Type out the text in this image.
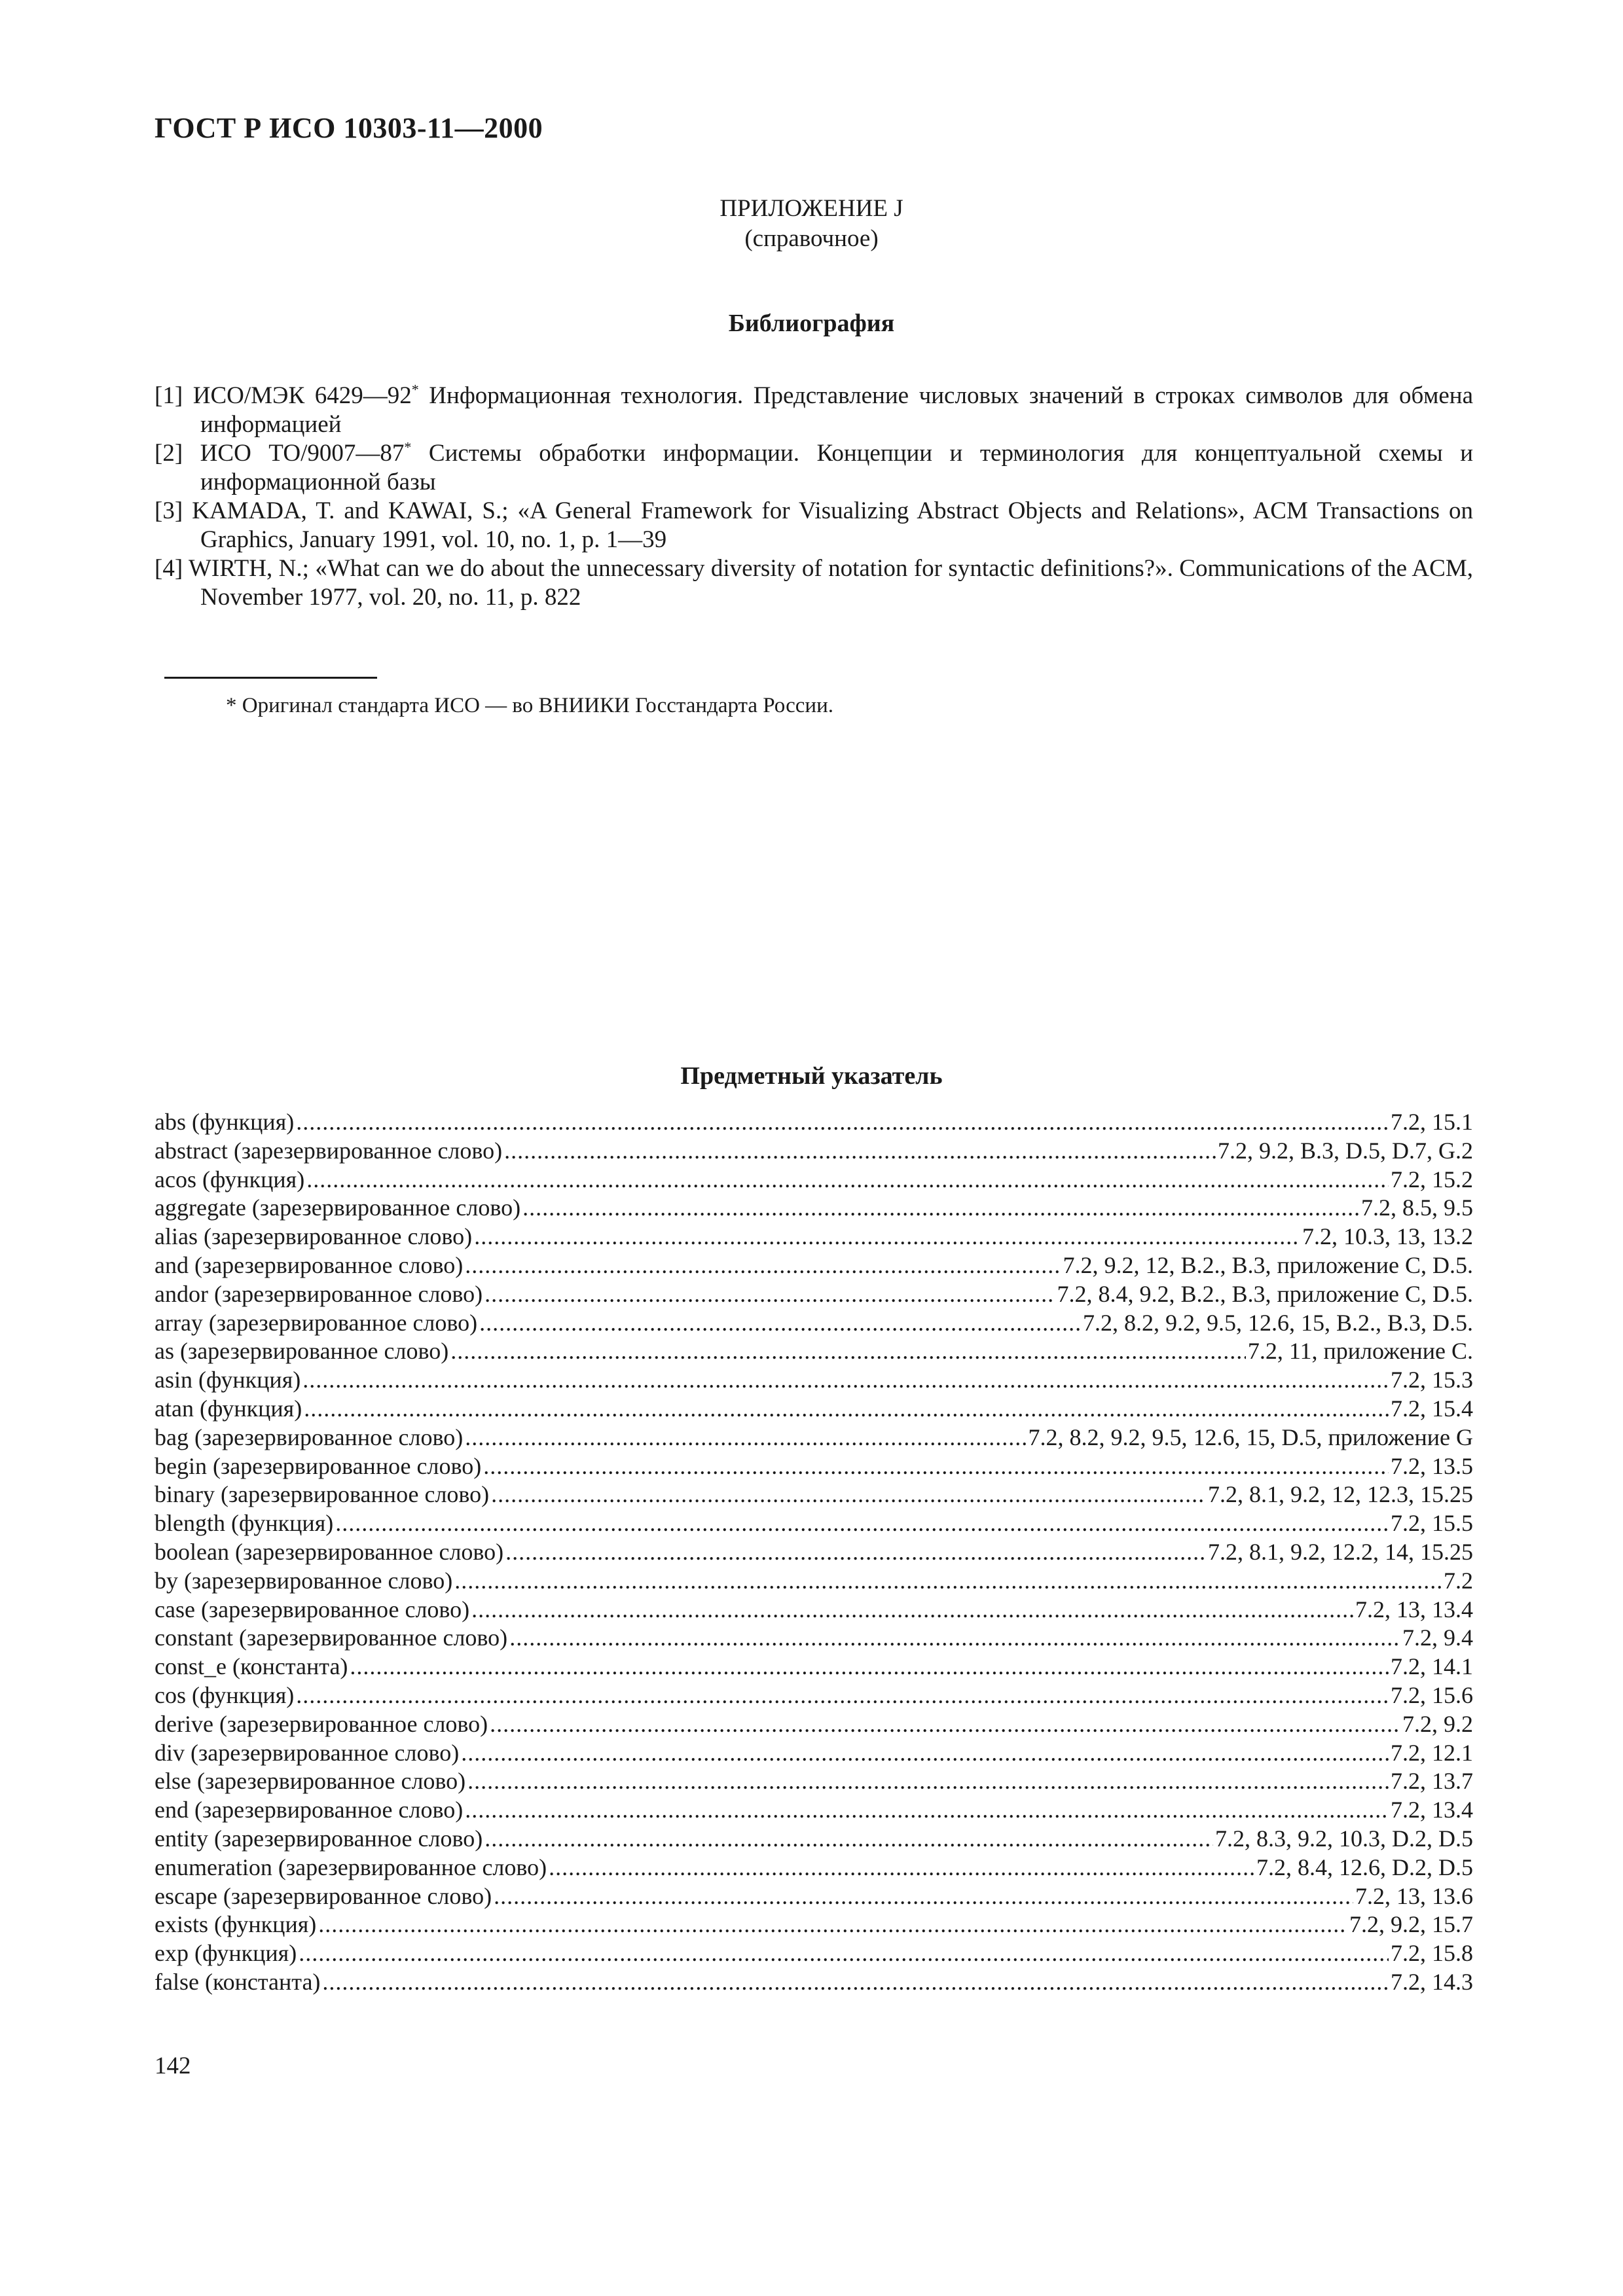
ГОСТ Р ИСО 10303-11—2000
ПРИЛОЖЕНИЕ J
(справочное)
Библиография

[1] ИСО/МЭК 6429—92* Информационная технология. Представление числовых значений в строках символов для обмена информацией

[2] ИСО ТО/9007—87* Системы обработки информации. Концепции и терминология для концептуальной схемы и информационной базы

[3] KAMADA, T. and KAWAI, S.; «A General Framework for Visualizing Abstract Objects and Relations», ACM Transactions on Graphics, January 1991, vol. 10, no. 1, p. 1—39

[4] WIRTH, N.; «What can we do about the unnecessary diversity of notation for syntactic definitions?». Communications of the ACM, November 1977, vol. 20, no. 11, p. 822

* Оригинал стандарта ИСО — во ВНИИКИ Госстандарта России.
Предметный указатель
abs (функция) .....	7.2, 15.1
abstract (зарезервированное слово) .....	7.2, 9.2, B.3, D.5, D.7, G.2
acos (функция) .....	7.2, 15.2
aggregate (зарезервированное слово) .....	7.2, 8.5, 9.5
alias (зарезервированное слово) .....	7.2, 10.3, 13, 13.2
and (зарезервированное слово) .....	7.2, 9.2, 12, B.2., B.3, приложение С, D.5.
andor (зарезервированное слово) .....	7.2, 8.4, 9.2, B.2., B.3, приложение С, D.5.
array (зарезервированное слово) .....	7.2, 8.2, 9.2, 9.5, 12.6, 15, B.2., B.3, D.5.
as (зарезервированное слово) .....	7.2, 11, приложение С.
asin (функция) .....	7.2, 15.3
atan (функция) .....	7.2, 15.4
bag (зарезервированное слово) .....	7.2, 8.2, 9.2, 9.5, 12.6, 15, D.5, приложение G
begin (зарезервированное слово) .....	7.2, 13.5
binary (зарезервированное слово) .....	7.2, 8.1, 9.2, 12, 12.3, 15.25
blength (функция) .....	7.2, 15.5
boolean (зарезервированное слово) .....	7.2, 8.1, 9.2, 12.2, 14, 15.25
by (зарезервированное слово) .....	7.2
case (зарезервированное слово) .....	7.2, 13, 13.4
constant (зарезервированное слово) .....	7.2, 9.4
const_e (константа) .....	7.2, 14.1
cos (функция) .....	7.2, 15.6
derive (зарезервированное слово) .....	7.2, 9.2
div (зарезервированное слово) .....	7.2, 12.1
else (зарезервированное слово) .....	7.2, 13.7
end (зарезервированное слово) .....	7.2, 13.4
entity (зарезервированное слово) .....	7.2, 8.3, 9.2, 10.3, D.2, D.5
enumeration (зарезервированное слово) .....	7.2, 8.4, 12.6, D.2, D.5
escape (зарезервированное слово) .....	7.2, 13, 13.6
exists (функция) .....	7.2, 9.2, 15.7
exp (функция) .....	7.2, 15.8
false (константа) .....	7.2, 14.3
142
